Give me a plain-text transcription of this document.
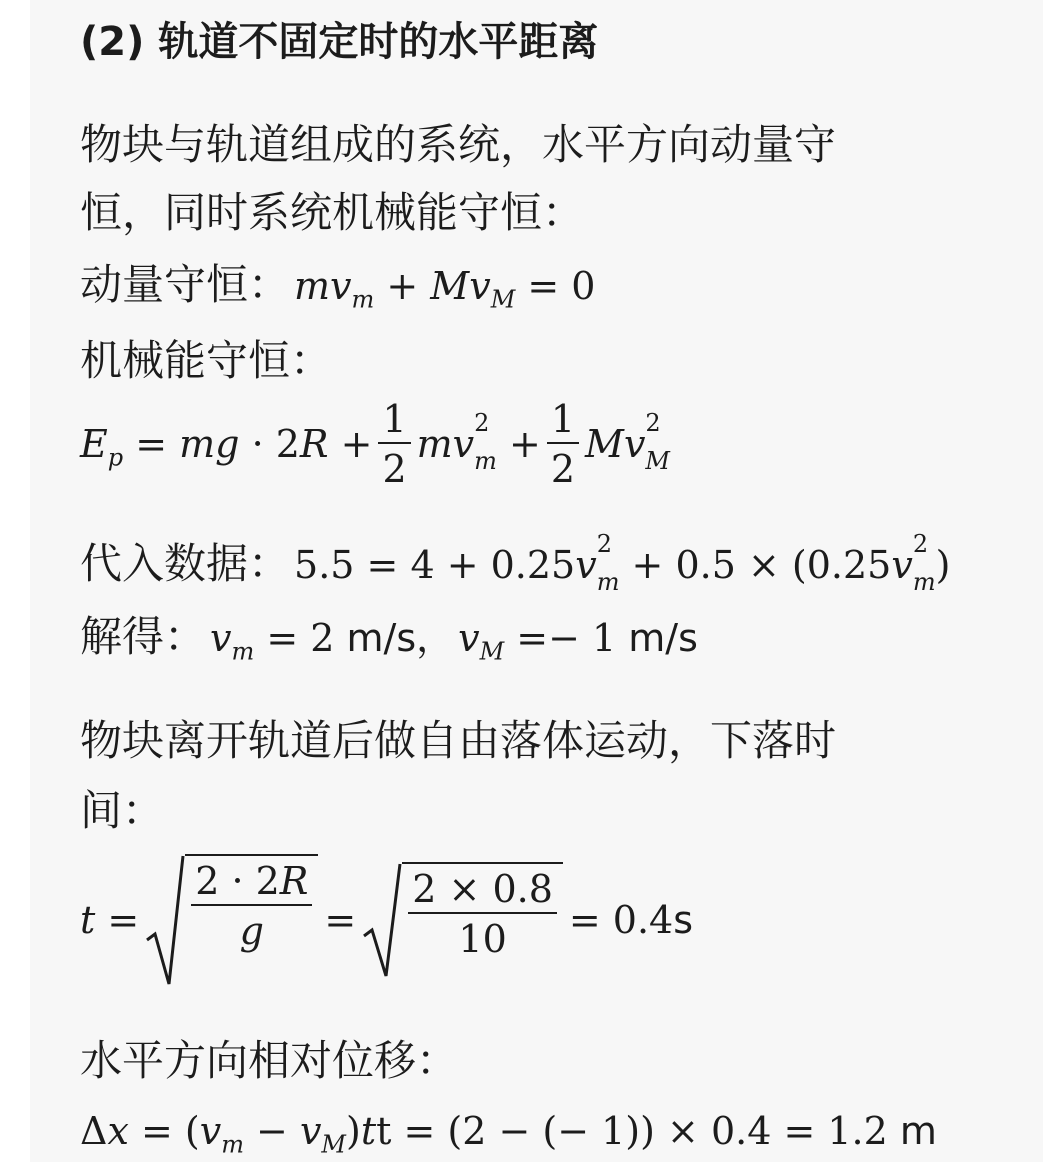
(2) 轨道不固定时的水平距离
物块与轨道组成的系统，水平方向动量守
恒，同时系统机械能守恒：
动量守恒： $mv_m + Mv_M = 0$
机械能守恒：
$E_p$ = mg · $2R + \frac{1}{2}$ mv 2
$m + \frac{1}{2}$ Mv 2
M
代入数据： 5.5 = 4 + 0.25v 2
m + 0.5 × (0.25v 2
m)
解得： $v_m = 2$ m/s， $v_M =- 1$ m/s
物块离开轨道后做自由落体运动，下落时
间：
$t = \frac{2 \cdot 2R}{g} = \frac{2 \times 0.8}{10} = 0.4$ s
水平方向相对位移：
$\Delta x = (v_m - v_M)tt = (2$ − (− 1)) × 0.4 = 1.2 m
